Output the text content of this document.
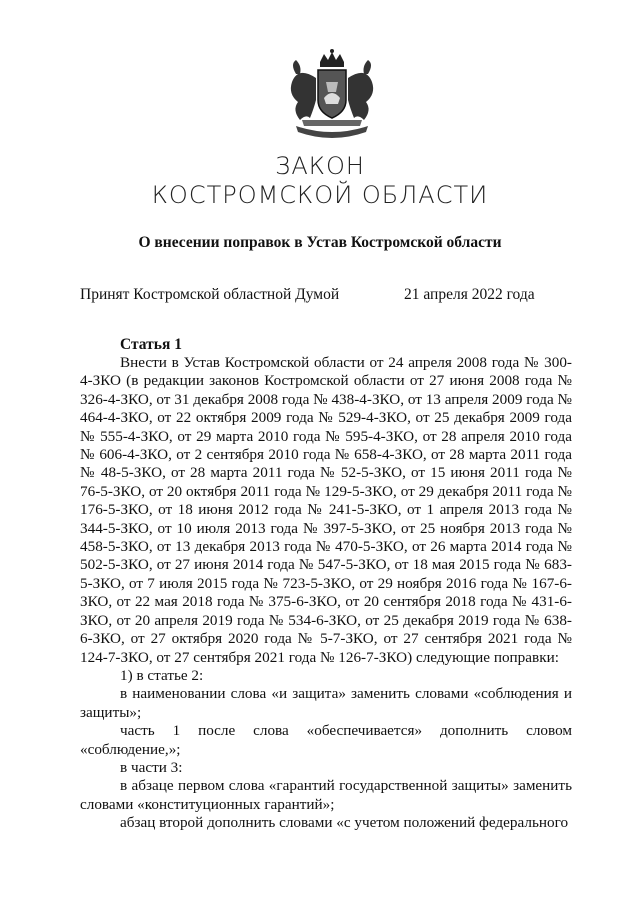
ЗАКОН
КОСТРОМСКОЙ ОБЛАСТИ
О внесении поправок в Устав Костромской области
Принят Костромской областной Думой	21 апреля 2022 года
Статья 1

Внести в Устав Костромской области от 24 апреля 2008 года № 300-4-ЗКО (в редакции законов Костромской области от 27 июня 2008 года № 326-4-ЗКО, от 31 декабря 2008 года № 438-4-ЗКО, от 13 апреля 2009 года № 464-4-ЗКО, от 22 октября 2009 года № 529-4-ЗКО, от 25 декабря 2009 года № 555-4-ЗКО, от 29 марта 2010 года № 595-4-ЗКО, от 28 апреля 2010 года № 606-4-ЗКО, от 2 сентября 2010 года № 658-4-ЗКО, от 28 марта 2011 года № 48-5-ЗКО, от 28 марта 2011 года № 52-5-ЗКО, от 15 июня 2011 года № 76-5-ЗКО, от 20 октября 2011 года № 129-5-ЗКО, от 29 декабря 2011 года № 176-5-ЗКО, от 18 июня 2012 года № 241-5-ЗКО, от 1 апреля 2013 года № 344-5-ЗКО, от 10 июля 2013 года № 397-5-ЗКО, от 25 ноября 2013 года № 458-5-ЗКО, от 13 декабря 2013 года № 470-5-ЗКО, от 26 марта 2014 года № 502-5-ЗКО, от 27 июня 2014 года № 547-5-ЗКО, от 18 мая 2015 года № 683-5-ЗКО, от 7 июля 2015 года № 723-5-ЗКО, от 29 ноября 2016 года № 167-6-ЗКО, от 22 мая 2018 года № 375-6-ЗКО, от 20 сентября 2018 года № 431-6-ЗКО, от 20 апреля 2019 года № 534-6-ЗКО, от 25 декабря 2019 года № 638-6-ЗКО, от 27 октября 2020 года № 5-7-ЗКО, от 27 сентября 2021 года № 124-7-ЗКО, от 27 сентября 2021 года № 126-7-ЗКО) следующие поправки:

1) в статье 2:

в наименовании слова «и защита» заменить словами «соблюдения и защиты»;

часть 1 после слова «обеспечивается» дополнить словом «соблюдение,»;

в части 3:

в абзаце первом слова «гарантий государственной защиты» заменить словами «конституционных гарантий»;

абзац второй дополнить словами «с учетом положений федерального
